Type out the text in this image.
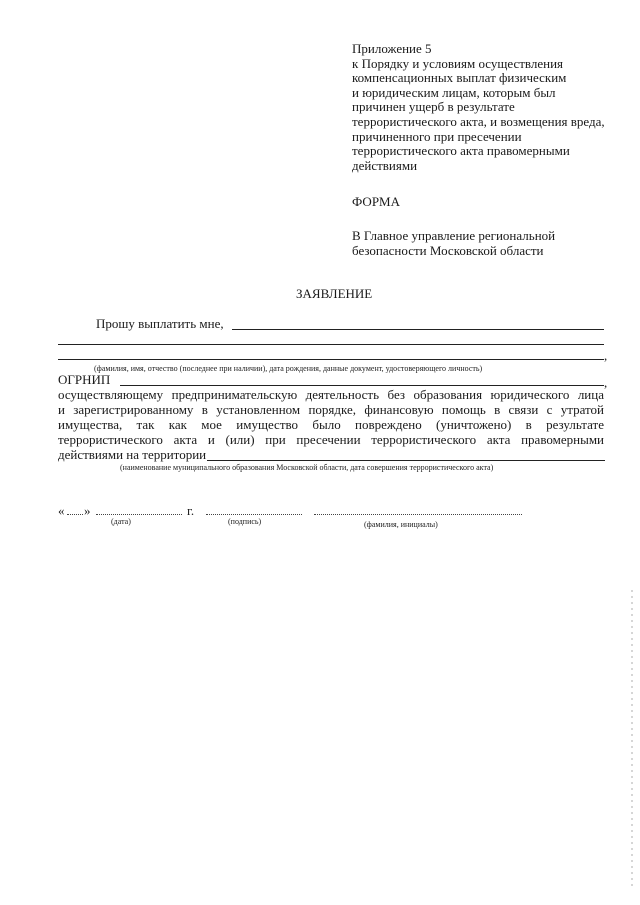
Приложение 5
к Порядку и условиям осуществления
компенсационных выплат физическим
и юридическим лицам, которым был
причинен ущерб в результате
террористического акта, и возмещения вреда,
причиненного при пресечении
террористического акта правомерными
действиями
ФОРМА
В Главное управление региональной
безопасности Московской области
ЗАЯВЛЕНИЕ
Прошу выплатить мне,
,
(фамилия, имя, отчество (последнее при наличии), дата рождения, данные документ, удостоверяющего личность)
ОГРНИП	,
осуществляющему предпринимательскую деятельность без образования юридического лица
и зарегистрированному в установленном порядке, финансовую помощь в связи с утратой
имущества, так как мое имущество было повреждено (уничтожено) в результате
террористического акта и (или) при пресечении террористического акта правомерными
действиями на территории
(наименование муниципального образования Московской области, дата совершения террористического акта)
« »	г.
(дата)	(подпись)	(фамилия, инициалы)
